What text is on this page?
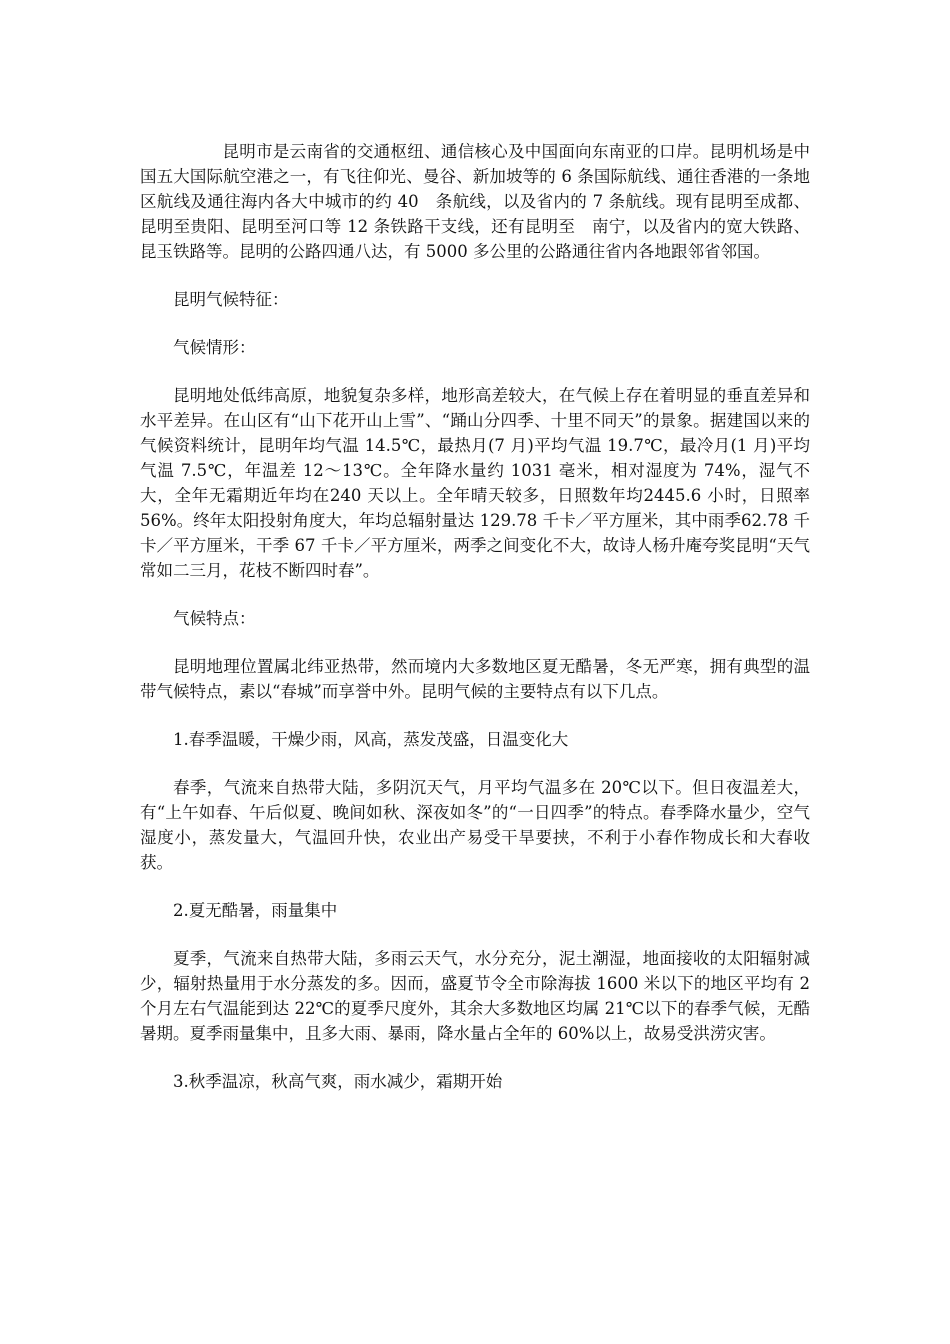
昆明市是云南省的交通枢纽、通信核心及中国面向东南亚的口岸。昆明机场是中国五大国际航空港之一，有飞往仰光、曼谷、新加坡等的 6 条国际航线、通往香港的一条地区航线及通往海内各大中城市的约 40　条航线，以及省内的 7 条航线。现有昆明至成都、昆明至贵阳、昆明至河口等 12 条铁路干支线，还有昆明至　南宁，以及省内的宽大铁路、昆玉铁路等。昆明的公路四通八达，有 5000 多公里的公路通往省内各地跟邻省邻国。

昆明气候特征：

气候情形：

昆明地处低纬高原，地貌复杂多样，地形高差较大，在气候上存在着明显的垂直差异和水平差异。在山区有“山下花开山上雪”、“踊山分四季、十里不同天”的景象。据建国以来的气候资料统计，昆明年均气温 14.5℃，最热月(7 月)平均气温 19.7℃，最冷月(1 月)平均气温 7.5℃，年温差 12～13℃。全年降水量约 1031 毫米，相对湿度为 74%，湿气不大，全年无霜期近年均在240 天以上。全年晴天较多，日照数年均2445.6 小时，日照率 56%。终年太阳投射角度大，年均总辐射量达 129.78 千卡／平方厘米，其中雨季62.78 千卡／平方厘米，干季 67 千卡／平方厘米，两季之间变化不大，故诗人杨升庵夸奖昆明“天气常如二三月，花枝不断四时春”。

气候特点：

昆明地理位置属北纬亚热带，然而境内大多数地区夏无酷暑，冬无严寒，拥有典型的温带气候特点，素以“春城”而享誉中外。昆明气候的主要特点有以下几点。

1.春季温暖，干燥少雨，风高，蒸发茂盛，日温变化大

春季，气流来自热带大陆，多阴沉天气，月平均气温多在 20℃以下。但日夜温差大，有“上午如春、午后似夏、晚间如秋、深夜如冬”的“一日四季”的特点。春季降水量少，空气湿度小，蒸发量大，气温回升快，农业出产易受干旱要挟，不利于小春作物成长和大春收获。

2.夏无酷暑，雨量集中

夏季，气流来自热带大陆，多雨云天气，水分充分，泥土潮湿，地面接收的太阳辐射减少，辐射热量用于水分蒸发的多。因而，盛夏节令全市除海拔 1600 米以下的地区平均有 2 个月左右气温能到达 22℃的夏季尺度外，其余大多数地区均属 21℃以下的春季气候，无酷暑期。夏季雨量集中，且多大雨、暴雨，降水量占全年的 60%以上，故易受洪涝灾害。

3.秋季温凉，秋高气爽，雨水减少，霜期开始
